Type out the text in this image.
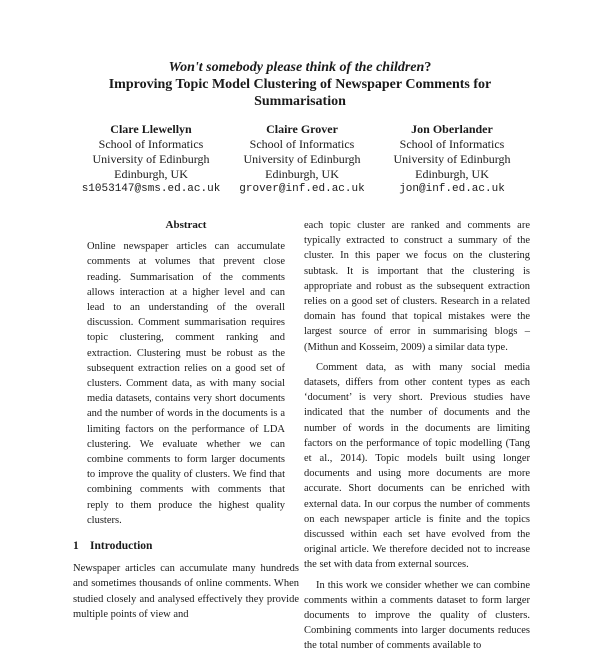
Won't somebody please think of the children?
Improving Topic Model Clustering of Newspaper Comments for
Summarisation
Clare Llewellyn
School of Informatics
University of Edinburgh
Edinburgh, UK
s1053147@sms.ed.ac.uk
Claire Grover
School of Informatics
University of Edinburgh
Edinburgh, UK
grover@inf.ed.ac.uk
Jon Oberlander
School of Informatics
University of Edinburgh
Edinburgh, UK
jon@inf.ed.ac.uk
Abstract

Online newspaper articles can accumulate comments at volumes that prevent close reading. Summarisation of the comments allows interaction at a higher level and can lead to an understanding of the overall discussion. Comment summarisation requires topic clustering, comment ranking and extraction. Clustering must be robust as the subsequent extraction relies on a good set of clusters. Comment data, as with many social media datasets, contains very short documents and the number of words in the documents is a limiting factors on the performance of LDA clustering. We evaluate whether we can combine comments to form larger documents to improve the quality of clusters. We find that combining comments with comments that reply to them produce the highest quality clusters.

1 Introduction

Newspaper articles can accumulate many hundreds and sometimes thousands of online comments. When studied closely and analysed effectively they provide multiple points of view and

each topic cluster are ranked and comments are typically extracted to construct a summary of the cluster. In this paper we focus on the clustering subtask. It is important that the clustering is appropriate and robust as the subsequent extraction relies on a good set of clusters. Research in a related domain has found that topical mistakes were the largest source of error in summarising blogs – (Mithun and Kosseim, 2009) a similar data type.

Comment data, as with many social media datasets, differs from other content types as each ‘document’ is very short. Previous studies have indicated that the number of documents and the number of words in the documents are limiting factors on the performance of topic modelling (Tang et al., 2014). Topic models built using longer documents and using more documents are more accurate. Short documents can be enriched with external data. In our corpus the number of comments on each newspaper article is finite and the topics discussed within each set have evolved from the original article. We therefore decided not to increase the set with data from external sources.

In this work we consider whether we can combine comments within a comments dataset to form larger documents to improve the quality of clusters. Combining comments into larger documents reduces the total number of comments available to
